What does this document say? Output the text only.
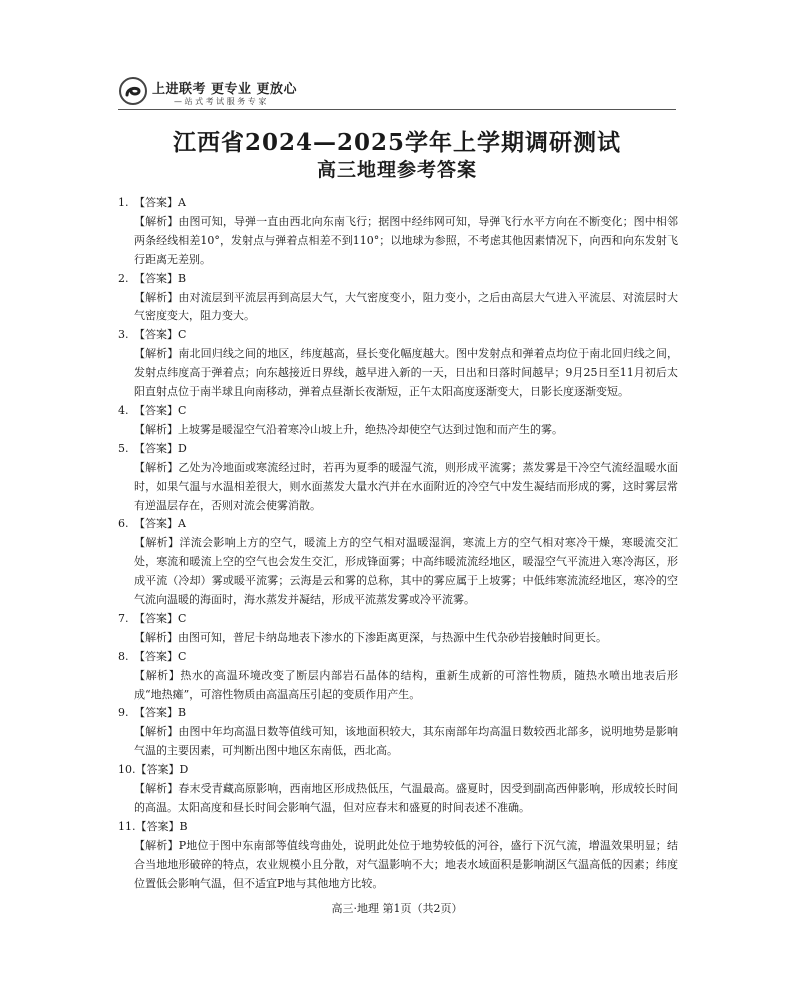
上进联考 更专业 更放心
— 站 式 考 试 服 务 专 家
江西省2024—2025学年上学期调研测试
高三地理参考答案
1. 【答案】A
【解析】由图可知，导弹一直由西北向东南飞行；据图中经纬网可知，导弹飞行水平方向在不断变化；图中相邻两条经线相差10°，发射点与弹着点相差不到110°；以地球为参照，不考虑其他因素情况下，向西和向东发射飞行距离无差别。
2. 【答案】B
【解析】由对流层到平流层再到高层大气，大气密度变小，阻力变小，之后由高层大气进入平流层、对流层时大气密度变大，阻力变大。
3. 【答案】C
【解析】南北回归线之间的地区，纬度越高，昼长变化幅度越大。图中发射点和弹着点均位于南北回归线之间，发射点纬度高于弹着点；向东越接近日界线，越早进入新的一天，日出和日落时间越早；9月25日至11月初后太阳直射点位于南半球且向南移动，弹着点昼渐长夜渐短，正午太阳高度逐渐变大，日影长度逐渐变短。
4. 【答案】C
【解析】上坡雾是暖湿空气沿着寒冷山坡上升，绝热冷却使空气达到过饱和而产生的雾。
5. 【答案】D
【解析】乙处为冷地面或寒流经过时，若再为夏季的暖湿气流，则形成平流雾；蒸发雾是干冷空气流经温暖水面时，如果气温与水温相差很大，则水面蒸发大量水汽并在水面附近的冷空气中发生凝结而形成的雾，这时雾层常有逆温层存在，否则对流会使雾消散。
6. 【答案】A
【解析】洋流会影响上方的空气，暖流上方的空气相对温暖湿润，寒流上方的空气相对寒冷干燥，寒暖流交汇处，寒流和暖流上空的空气也会发生交汇，形成锋面雾；中高纬暖流流经地区，暖湿空气平流进入寒冷海区，形成平流（冷却）雾或暖平流雾；云海是云和雾的总称，其中的雾应属于上坡雾；中低纬寒流流经地区，寒冷的空气流向温暖的海面时，海水蒸发并凝结，形成平流蒸发雾或冷平流雾。
7. 【答案】C
【解析】由图可知，普尼卡纳岛地表下渗水的下渗距离更深，与热源中生代杂砂岩接触时间更长。
8. 【答案】C
【解析】热水的高温环境改变了断层内部岩石晶体的结构，重新生成新的可溶性物质，随热水喷出地表后形成“地热瘫”，可溶性物质由高温高压引起的变质作用产生。
9. 【答案】B
【解析】由图中年均高温日数等值线可知，该地面积较大，其东南部年均高温日数较西北部多，说明地势是影响气温的主要因素，可判断出图中地区东南低，西北高。
10.【答案】D
【解析】春末受青藏高原影响，西南地区形成热低压，气温最高。盛夏时，因受到副高西伸影响，形成较长时间的高温。太阳高度和昼长时间会影响气温，但对应春末和盛夏的时间表述不准确。
11.【答案】B
【解析】P地位于图中东南部等值线弯曲处，说明此处位于地势较低的河谷，盛行下沉气流，增温效果明显；结合当地地形破碎的特点，农业规模小且分散，对气温影响不大；地表水域面积是影响湖区气温高低的因素；纬度位置低会影响气温，但不适宜P地与其他地方比较。
高三·地理 第1页（共2页）
